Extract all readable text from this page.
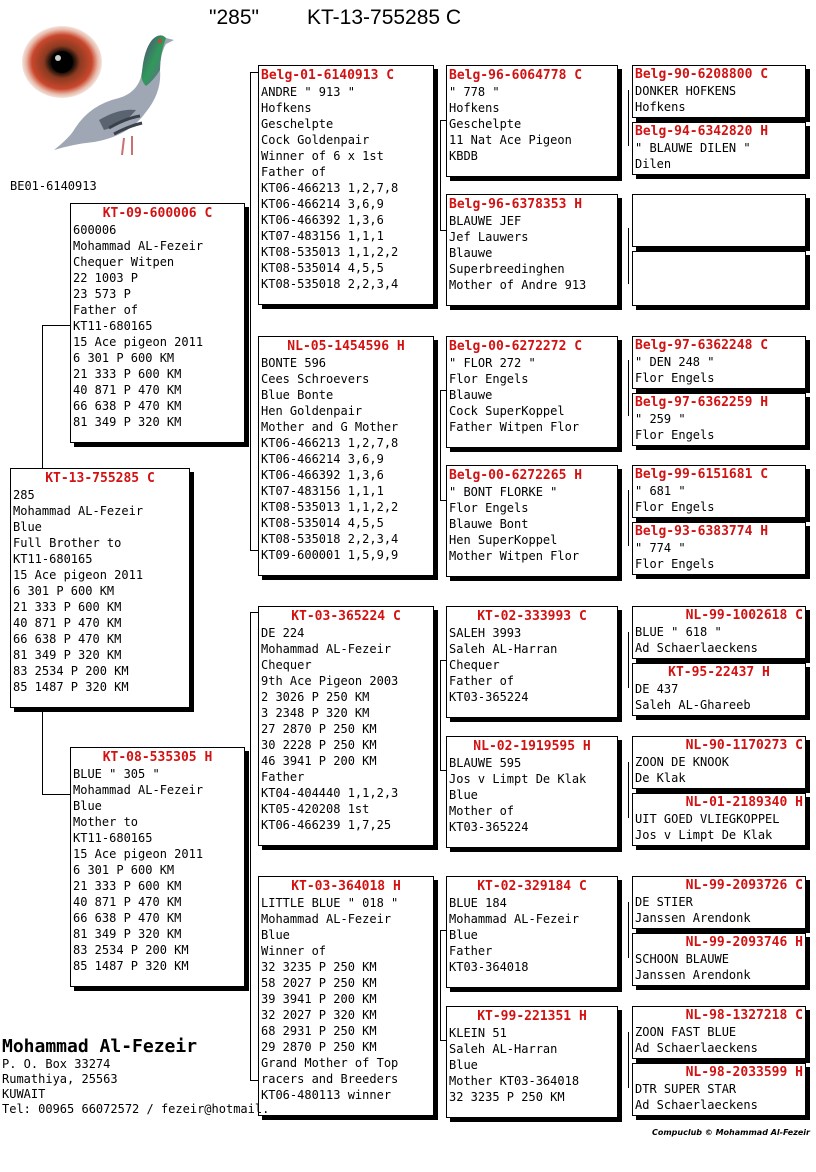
"285" KT-13-755285 C
BE01-6140913
KT-13-755285 C
285
Mohammad AL-Fezeir
Blue
Full Brother to
KT11-680165
15 Ace pigeon 2011
6 301 P 600 KM
21 333 P 600 KM
40 871 P 470 KM
66 638 P 470 KM
81 349 P 320 KM
83 2534 P 200 KM
85 1487 P 320 KM
KT-09-600006 C
600006
Mohammad AL-Fezeir
Chequer Witpen
22 1003 P
23 573 P
Father of
KT11-680165
15 Ace pigeon 2011
6 301 P 600 KM
21 333 P 600 KM
40 871 P 470 KM
66 638 P 470 KM
81 349 P 320 KM
KT-08-535305 H
BLUE " 305 "
Mohammad AL-Fezeir
Blue
Mother to
KT11-680165
15 Ace pigeon 2011
6 301 P 600 KM
21 333 P 600 KM
40 871 P 470 KM
66 638 P 470 KM
81 349 P 320 KM
83 2534 P 200 KM
85 1487 P 320 KM
Belg-01-6140913 C
ANDRE " 913 "
Hofkens
Geschelpte
Cock Goldenpair
Winner of 6 x 1st
Father of
KT06-466213 1,2,7,8
KT06-466214 3,6,9
KT06-466392 1,3,6
KT07-483156 1,1,1
KT08-535013 1,1,2,2
KT08-535014 4,5,5
KT08-535018 2,2,3,4
NL-05-1454596 H
BONTE 596
Cees Schroevers
Blue Bonte
Hen Goldenpair
Mother and G Mother
KT06-466213 1,2,7,8
KT06-466214 3,6,9
KT06-466392 1,3,6
KT07-483156 1,1,1
KT08-535013 1,1,2,2
KT08-535014 4,5,5
KT08-535018 2,2,3,4
KT09-600001 1,5,9,9
KT-03-365224 C
DE 224
Mohammad AL-Fezeir
Chequer
9th Ace Pigeon 2003
2 3026 P 250 KM
3 2348 P 320 KM
27 2870 P 250 KM
30 2228 P 250 KM
46 3941 P 200 KM
Father
KT04-404440 1,1,2,3
KT05-420208 1st
KT06-466239 1,7,25
KT-03-364018 H
LITTLE BLUE " 018 "
Mohammad AL-Fezeir
Blue
Winner of
32 3235 P 250 KM
58 2027 P 250 KM
39 3941 P 200 KM
32 2027 P 320 KM
68 2931 P 250 KM
29 2870 P 250 KM
Grand Mother of Top
racers and Breeders
KT06-480113 winner
Belg-96-6064778 C
" 778 "
Hofkens
Geschelpte
11 Nat Ace Pigeon
KBDB
Belg-96-6378353 H
BLAUWE JEF
Jef Lauwers
Blauwe
Superbreedinghen
Mother of Andre 913
Belg-00-6272272 C
" FLOR 272 "
Flor Engels
Blauwe
Cock SuperKoppel
Father Witpen Flor
Belg-00-6272265 H
" BONT FLORKE "
Flor Engels
Blauwe Bont
Hen SuperKoppel
Mother Witpen Flor
KT-02-333993 C
SALEH 3993
Saleh AL-Harran
Chequer
Father of
KT03-365224
NL-02-1919595 H
BLAUWE 595
Jos v Limpt De Klak
Blue
Mother of
KT03-365224
KT-02-329184 C
BLUE 184
Mohammad AL-Fezeir
Blue
Father
KT03-364018
KT-99-221351 H
KLEIN 51
Saleh AL-Harran
Blue
Mother KT03-364018
32 3235 P 250 KM
Belg-90-6208800 C
DONKER HOFKENS
Hofkens
Belg-94-6342820 H
" BLAUWE DILEN "
Dilen
Belg-97-6362248 C
" DEN 248 "
Flor Engels
Belg-97-6362259 H
" 259 "
Flor Engels
Belg-99-6151681 C
" 681 "
Flor Engels
Belg-93-6383774 H
" 774 "
Flor Engels
NL-99-1002618 C
BLUE " 618 "
Ad Schaerlaeckens
KT-95-22437 H
DE 437
Saleh AL-Ghareeb
NL-90-1170273 C
ZOON DE KNOOK
De Klak
NL-01-2189340 H
UIT GOED VLIEGKOPPEL
Jos v Limpt De Klak
NL-99-2093726 C
DE STIER
Janssen Arendonk
NL-99-2093746 H
SCHOON BLAUWE
Janssen Arendonk
NL-98-1327218 C
ZOON FAST BLUE
Ad Schaerlaeckens
NL-98-2033599 H
DTR SUPER STAR
Ad Schaerlaeckens
Mohammad Al-Fezeir
P. O. Box 33274
Rumathiya, 25563
KUWAIT
Tel: 00965 66072572 / fezeir@hotmail.
Compuclub © Mohammad Al-Fezeir
